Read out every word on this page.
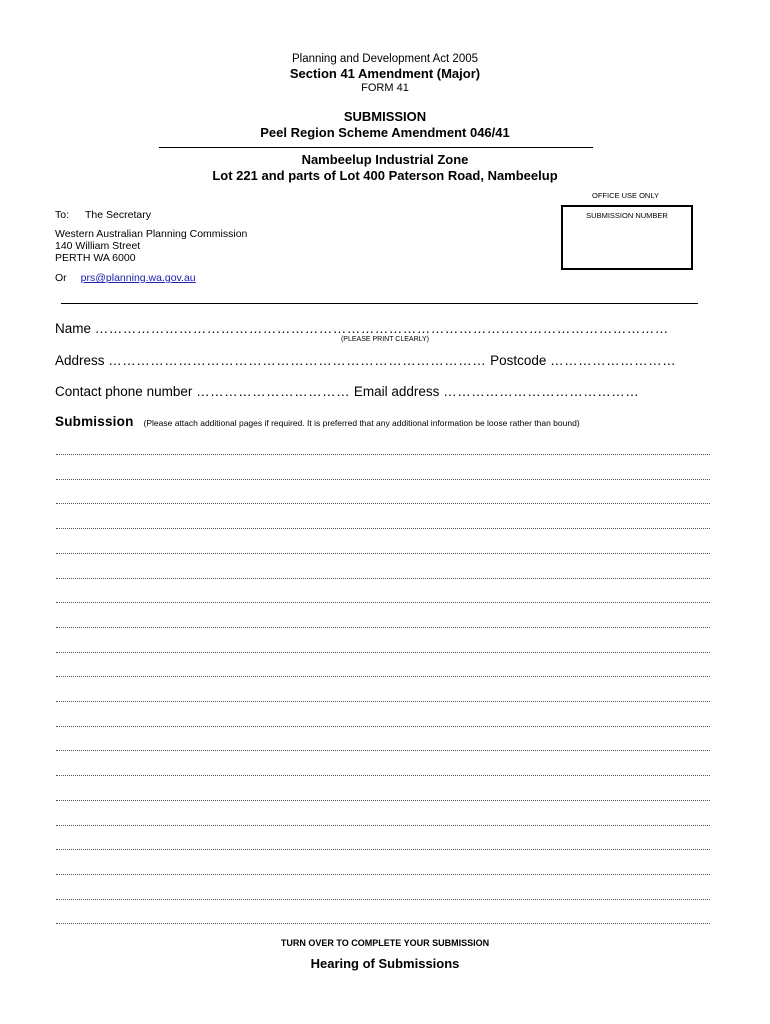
Planning and Development Act 2005
Section 41 Amendment (Major)
FORM 41
SUBMISSION
Peel Region Scheme Amendment 046/41
Nambeelup Industrial Zone
Lot 221 and parts of Lot 400 Paterson Road, Nambeelup
OFFICE USE ONLY
SUBMISSION NUMBER
To: The Secretary
Western Australian Planning Commission
140 William Street
PERTH WA 6000
Or prs@planning.wa.gov.au
Name ……………………………………………………………………………………………………………
(PLEASE PRINT CLEARLY)
Address ……………………………………………………………………… Postcode ………………………
Contact phone number …………………………… Email address ……………………………………
Submission (Please attach additional pages if required. It is preferred that any additional information be loose rather than bound)
TURN OVER TO COMPLETE YOUR SUBMISSION
Hearing of Submissions
